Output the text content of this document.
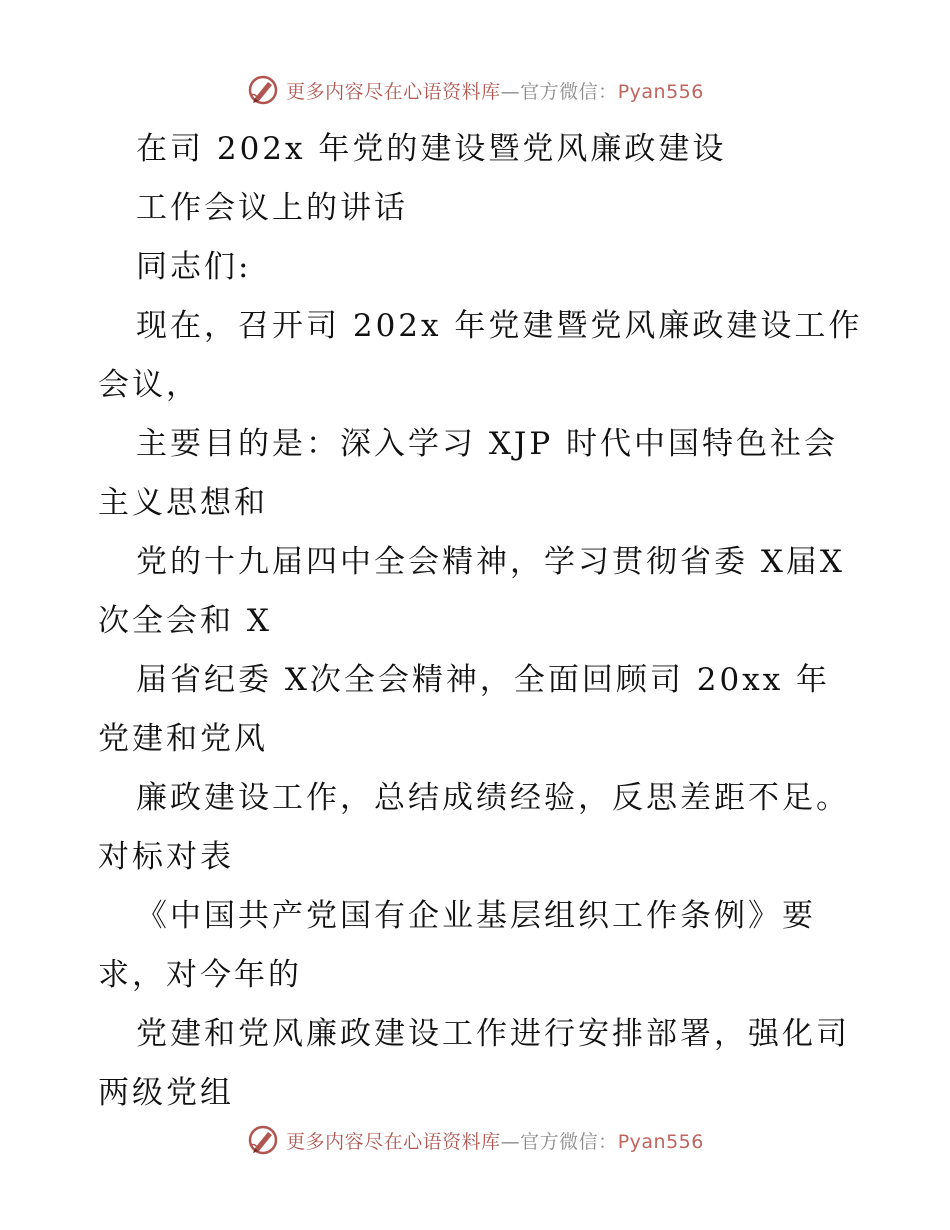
更多内容尽在心语资料库—官方微信：Pyan556
在司 202x 年党的建设暨党风廉政建设
工作会议上的讲话
同志们:
现在，召开司 202x 年党建暨党风廉政建设工作
会议，
主要目的是：深入学习 XJP 时代中国特色社会
主义思想和
党的十九届四中全会精神，学习贯彻省委 X届X
次全会和 X
届省纪委 X次全会精神，全面回顾司 20xx 年
党建和党风
廉政建设工作，总结成绩经验，反思差距不足。
对标对表
《中国共产党国有企业基层组织工作条例》要
求，对今年的
党建和党风廉政建设工作进行安排部署，强化司
两级党组
更多内容尽在心语资料库—官方微信：Pyan556
